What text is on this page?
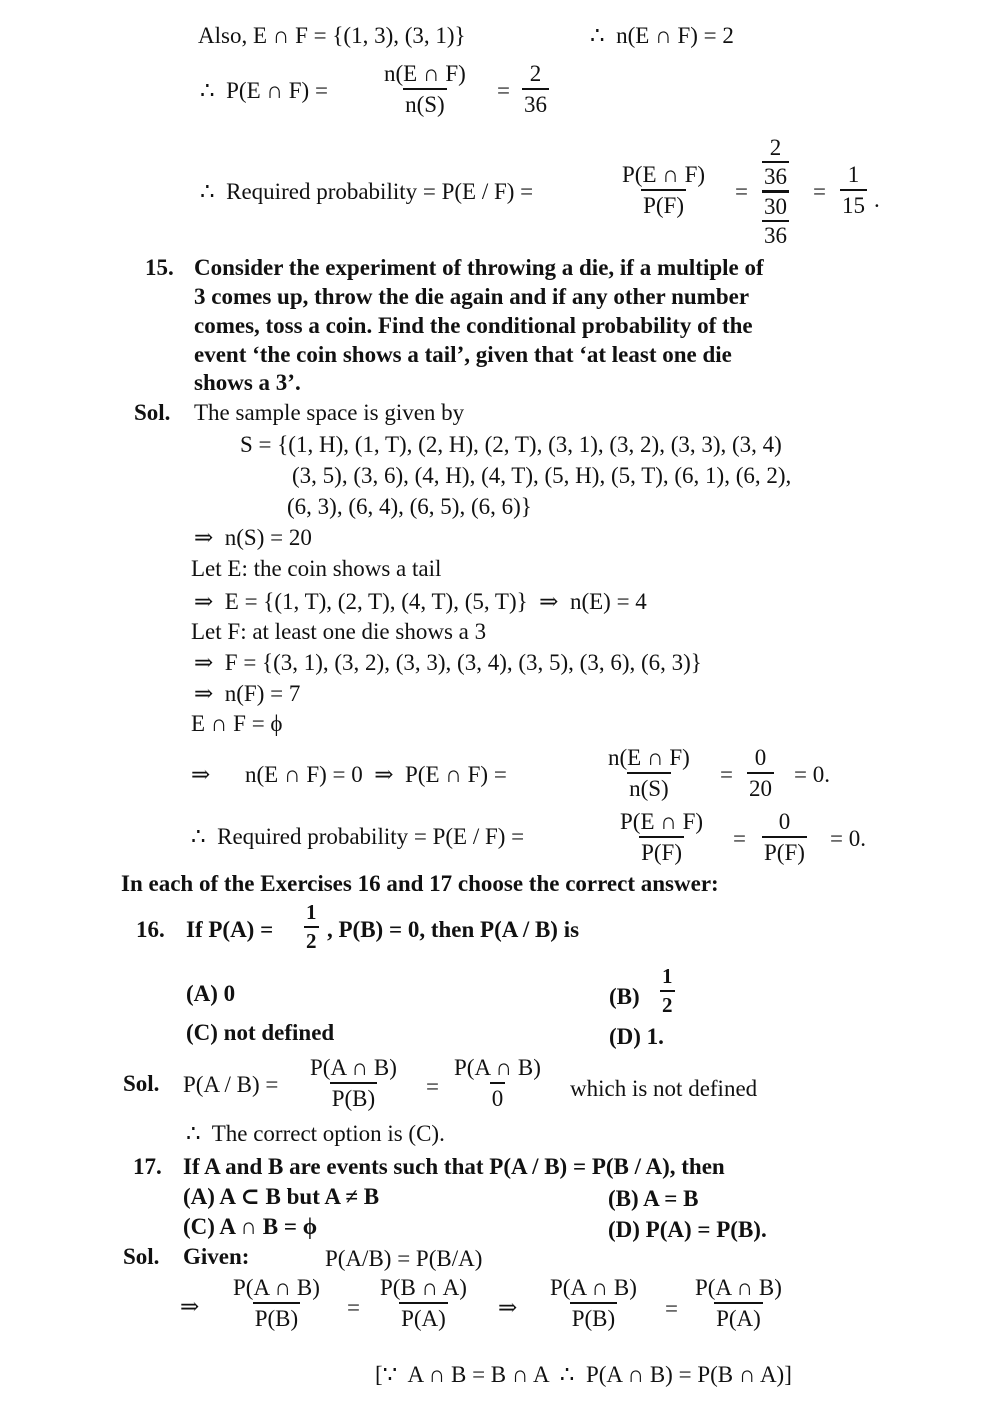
Also, E ∩ F = {(1, 3), (3, 1)}	∴  n(E ∩ F) = 2
∴  P(E ∩ $F) = \frac{n(E \cap F)}{n(S)} = \frac{2}{36}$
∴  Required probability = P(E / F) =	$\frac{P(E \cap F)}{P(F)}$ =
2
36
30
36
= $\frac{1}{15}$ .
15. Consider the experiment of throwing a die, if a multiple of
3 comes up, throw the die again and if any other number
comes, toss a coin. Find the conditional probability of the
event ‘the coin shows a tail’, given that ‘at least one die
shows a 3’.
Sol. The sample space is given by
S = {(1, H), (1, T), (2, H), (2, T), (3, 1), (3, 2), (3, 3), (3, 4)
(3, 5), (3, 6), (4, H), (4, T), (5, H), (5, T), (6, 1), (6, 2),
(6, 3), (6, 4), (6, 5), (6, 6)}
⇒  n(S) = 20
Let E: the coin shows a tail
⇒  E = {(1, T), (2, T), (4, T), (5, T)}  ⇒  n(E) = 4
Let F: at least one die shows a 3
⇒  F = {(3, 1), (3, 2), (3, 3), (3, 4), (3, 5), (3, 6), (6, 3)}
⇒  n(F) = 7
E ∩ F = ϕ
⇒ n(E ∩ F) = 0  ⇒  P(E ∩ F) =	$\frac{n(E \cap F)}{n(S)} = \frac{0}{20} = 0$.
∴  Required probability = P(E / F) =	$\frac{P(E \cap F)}{P(F)} = \frac{0}{P(F)} = 0$.
In each of the Exercises 16 and 17 choose the correct answer:
16. If $P(A) = \frac{1}{2}$ , P(B) = 0, then P(A / B) is
(A) 0	$(B) \frac{1}{2}$
(C) not defined	(D) 1.
Sol. $P(A / B) = \frac{P(A \cap B)}{P(B)} = \frac{P(A \cap B)}{0}$ which is not defined
∴  The correct option is (C).
17. If A and B are events such that P(A / B) = P(B / A), then
(A) A ⊂ B but A ≠ B	(B) A = B
(C) A ∩ B = ϕ	(D) P(A) = P(B).
Sol. Given:	P(A/B) = P(B/A)
⇒ $\frac{P(A \cap B)}{P(B)} = \frac{P(B \cap A)}{P(A)}$ ⇒ $\frac{P(A \cap B)}{P(B)} = \frac{P(A \cap B)}{P(A)}$
[∵  A ∩ B = B ∩ A  ∴  P(A ∩ B) = P(B ∩ A)]
